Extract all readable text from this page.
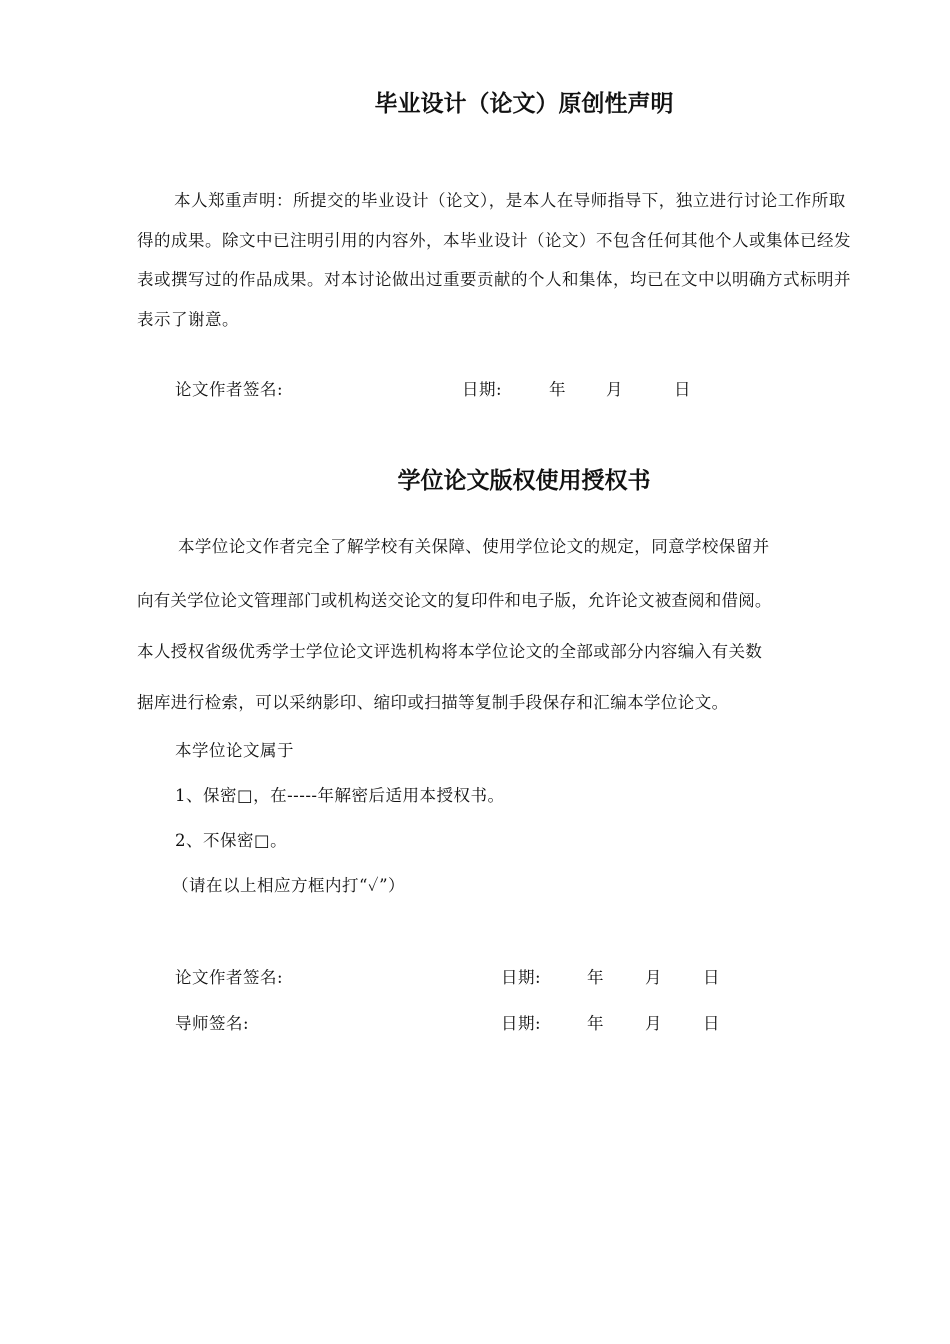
毕业设计（论文）原创性声明
本人郑重声明：所提交的毕业设计（论文），是本人在导师指导下，独立进行讨论工作所取得的成果。除文中已注明引用的内容外，本毕业设计（论文）不包含任何其他个人或集体已经发表或撰写过的作品成果。对本讨论做出过重要贡献的个人和集体，均已在文中以明确方式标明并表示了谢意。
论文作者签名:	日期:	年 月	日
学位论文版权使用授权书
本学位论文作者完全了解学校有关保障、使用学位论文的规定，同意学校保留并
向有关学位论文管理部门或机构送交论文的复印件和电子版，允许论文被查阅和借阅。
本人授权省级优秀学士学位论文评选机构将本学位论文的全部或部分内容编入有关数
据库进行检索，可以采纳影印、缩印或扫描等复制手段保存和汇编本学位论文。
本学位论文属于
1、保密□，在-----年解密后适用本授权书。
2、不保密□。
（请在以上相应方框内打“✓”）
论文作者签名:	日期:	年 月 日
导师签名:	日期:	年 月 日
